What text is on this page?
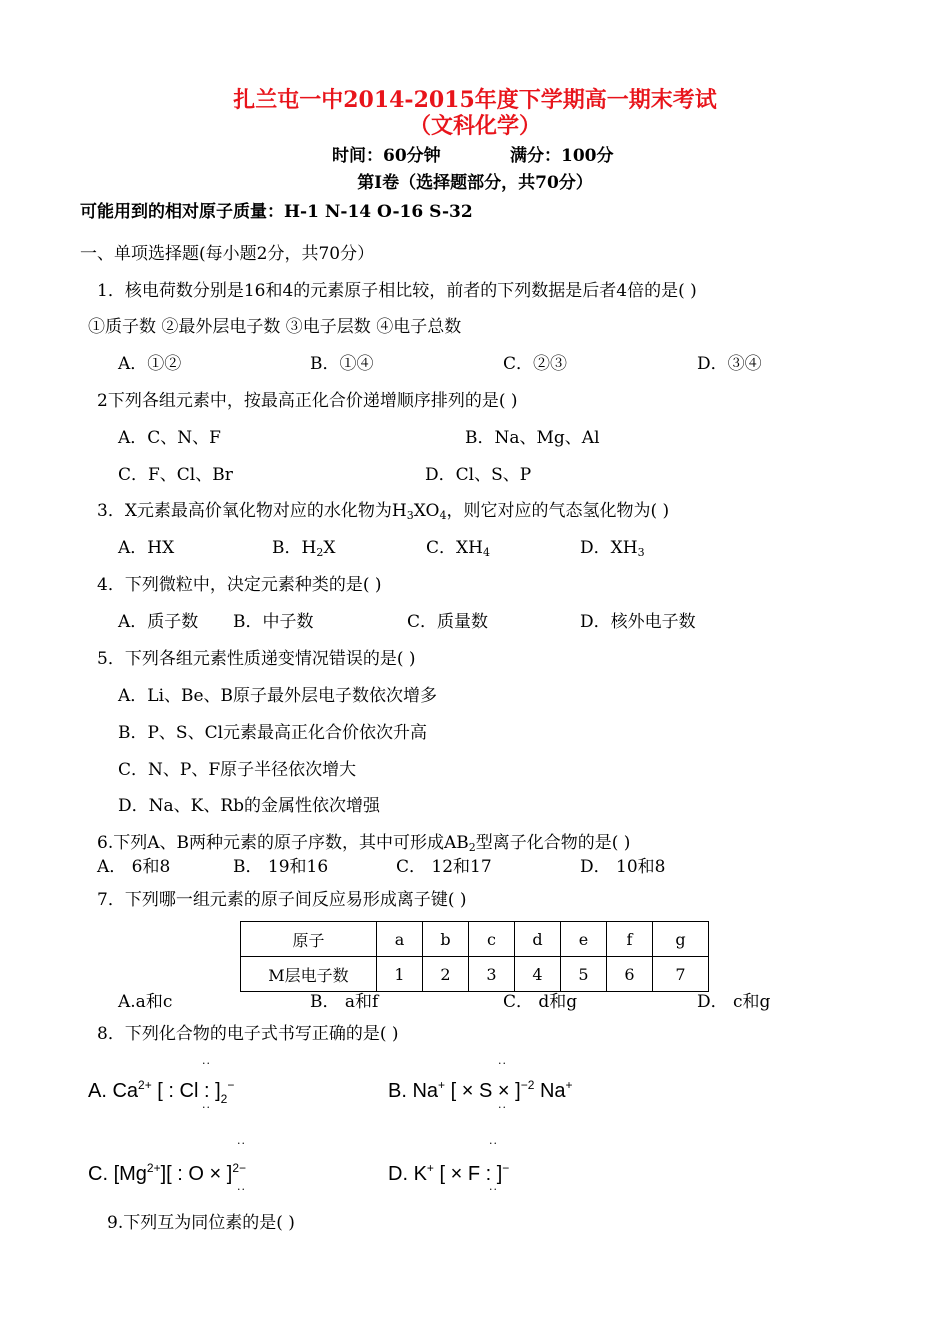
扎兰屯一中2014-2015年度下学期高一期末考试
（文科化学）
时间：60分钟	满分：100分
第Ⅰ卷（选择题部分，共70分）
可能用到的相对原子质量：H-1 N-14 O-16 S-32
一、单项选择题(每小题2分，共70分）
1．核电荷数分别是16和4的元素原子相比较，前者的下列数据是后者4倍的是( )
①质子数 ②最外层电子数 ③电子层数 ④电子总数
A．①②	B．①④	C．②③	D．③④
2下列各组元素中，按最高正化合价递增顺序排列的是( )
A．C、N、F	B．Na、Mg、Al
C．F、Cl、Br	D．Cl、S、P
3．X元素最高价氧化物对应的水化物为$H_3XO_4$，则它对应的气态氢化物为( )
A．HX	B．$H_2X$	C．$XH_4$	D．$XH_3$
4．下列微粒中，决定元素种类的是( )
A．质子数 B．中子数	C．质量数	D．核外电子数
5．下列各组元素性质递变情况错误的是( )
A．Li、Be、B原子最外层电子数依次增多
B．P、S、Cl元素最高正化合价依次升高
C．N、P、F原子半径依次增大
D．Na、K、Rb的金属性依次增强
6.下列A、B两种元素的原子序数，其中可形成$AB_2$型离子化合物的是( )
A． 6和8	B． 19和16	C． 12和17	D． 10和8
7．下列哪一组元素的原子间反应易形成离子键( )
原子	a	b	c	d	e	f	g
M层电子数	1	2	3	4	5	6	7
A.a和c	B． a和f	C． d和g	D． c和g
8．下列化合物的电子式书写正确的是( )
A. $Ca^{2+}$ [ : Cl : ]$_2^-$
··
··
B. Na+ [ × S × ]$^{-2}$ Na+
··
··
C. $[Mg^{2+}]$[ : O × ]$^{2-}$
··
··
D. K+ [ × F : ]−
··
··
9.下列互为同位素的是( )
